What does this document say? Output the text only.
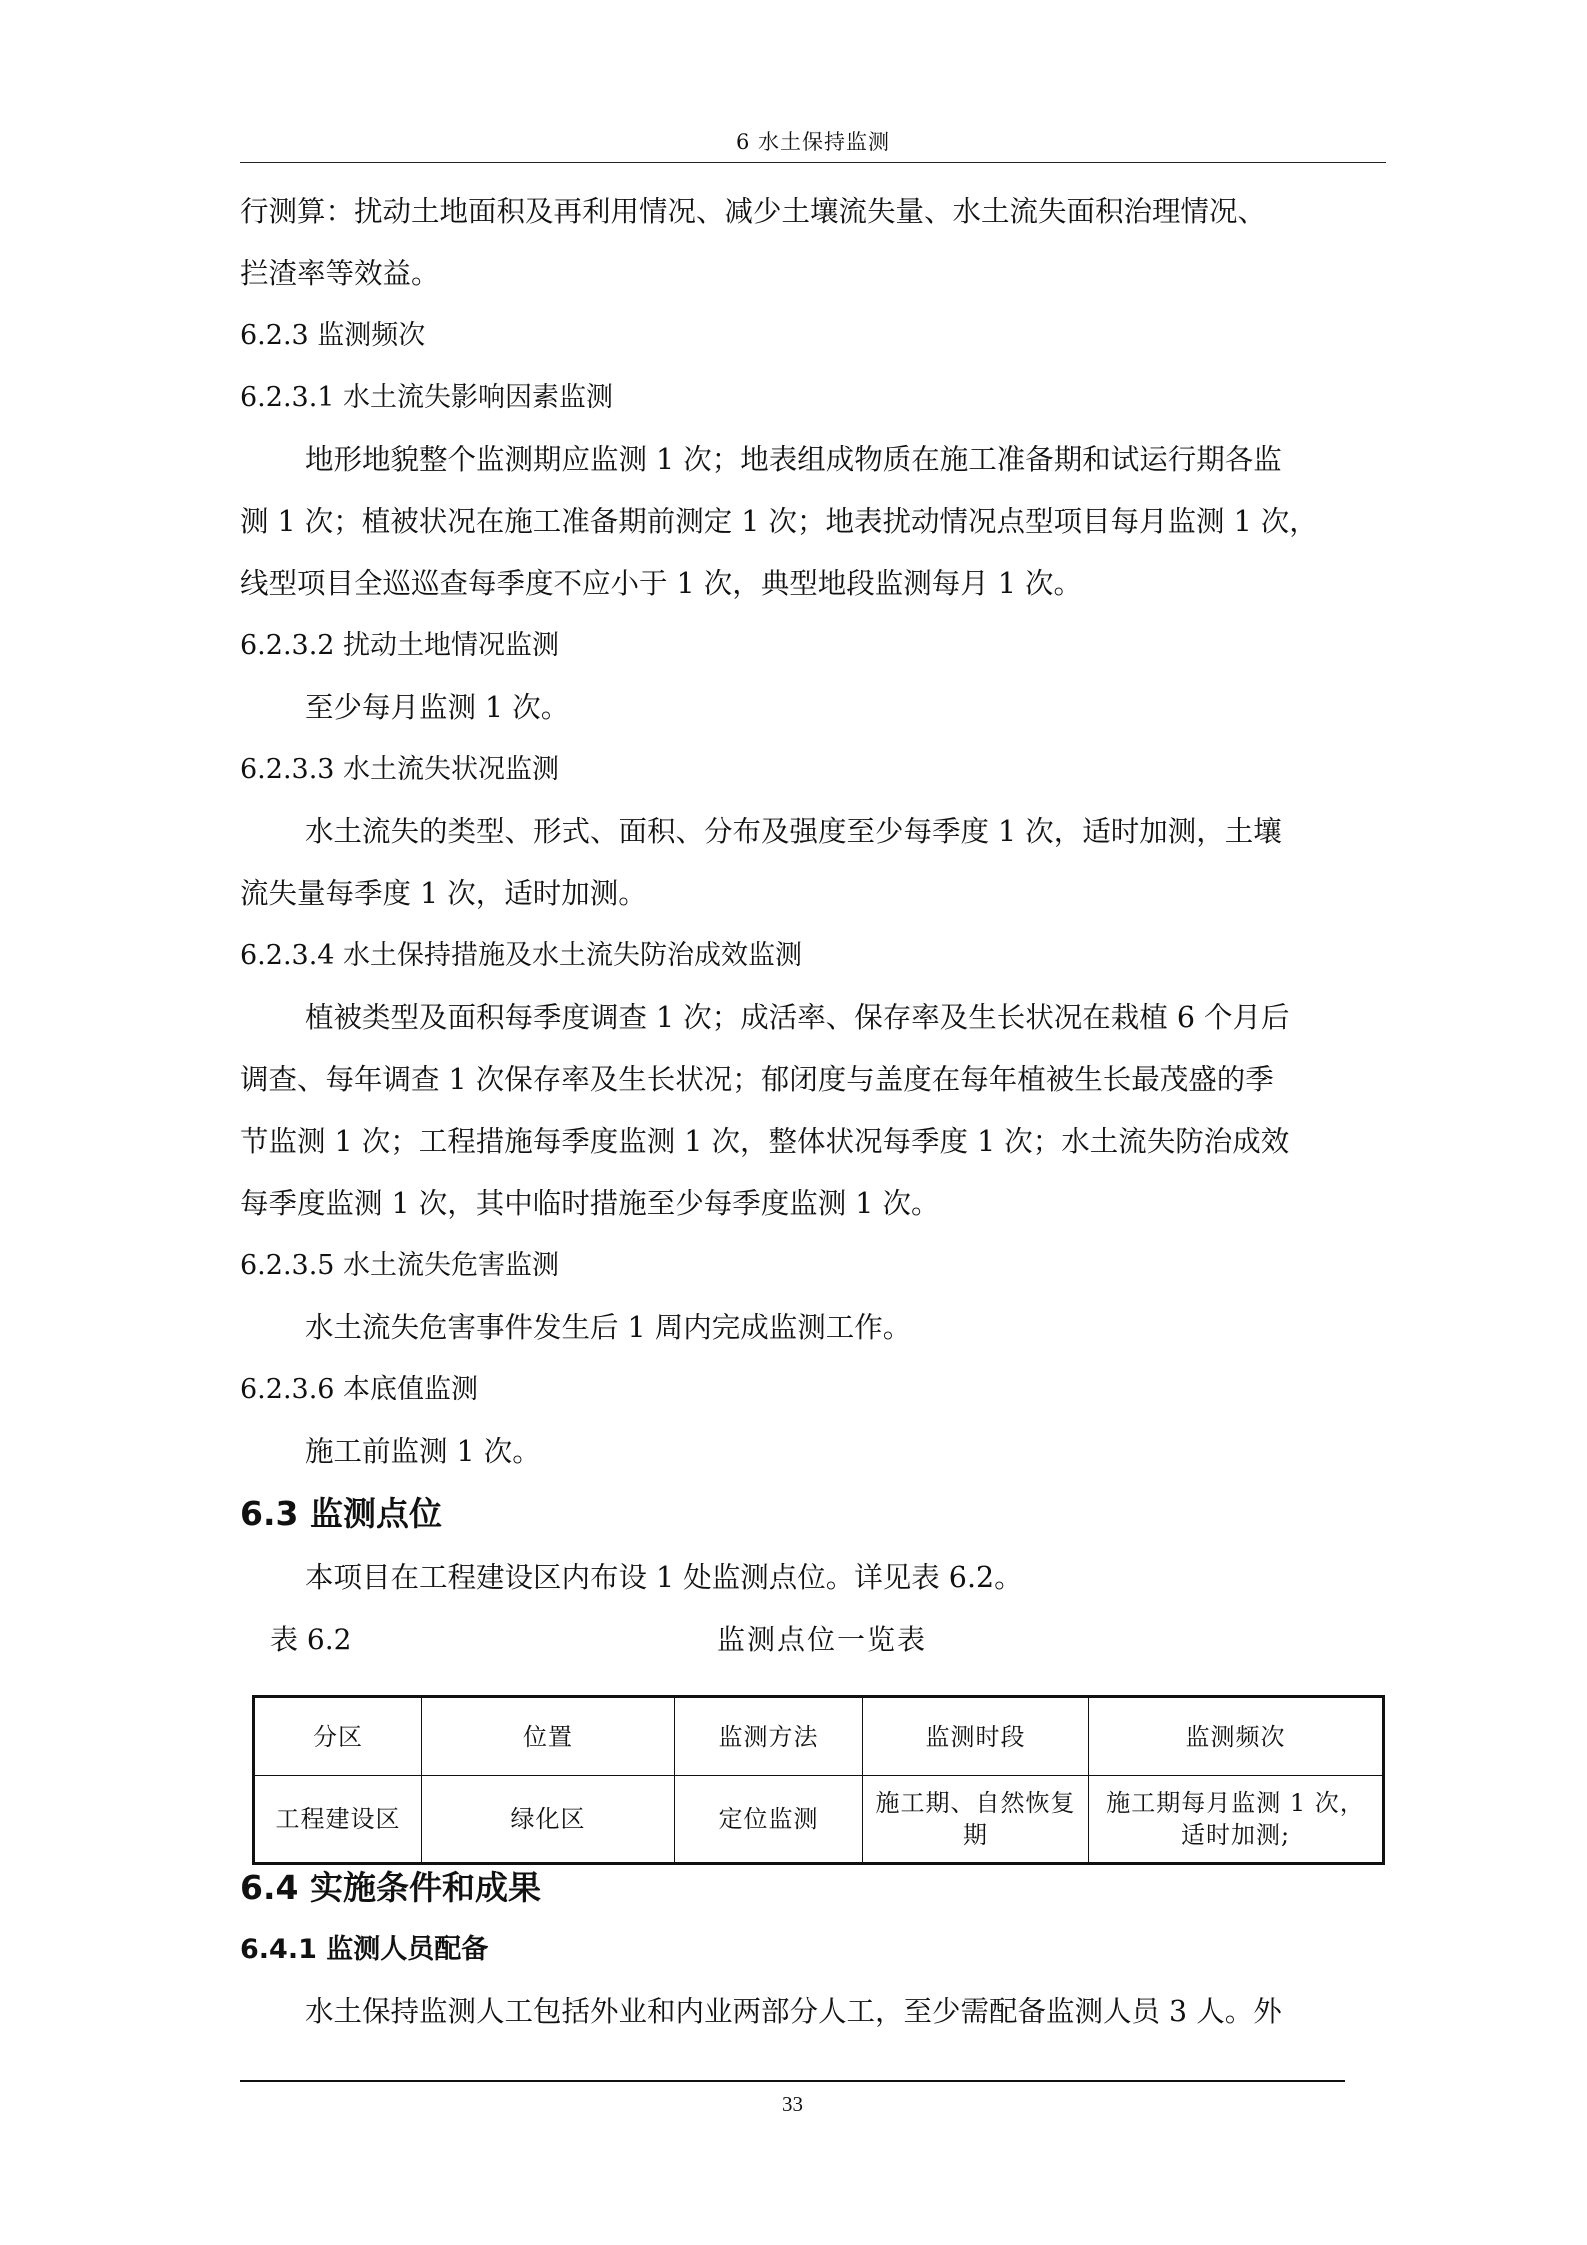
6 水土保持监测
行测算：扰动土地面积及再利用情况、减少土壤流失量、水土流失面积治理情况、
拦渣率等效益。
6.2.3 监测频次
6.2.3.1 水土流失影响因素监测
地形地貌整个监测期应监测 1 次；地表组成物质在施工准备期和试运行期各监
测 1 次；植被状况在施工准备期前测定 1 次；地表扰动情况点型项目每月监测 1 次，
线型项目全巡巡查每季度不应小于 1 次，典型地段监测每月 1 次。
6.2.3.2 扰动土地情况监测
至少每月监测 1 次。
6.2.3.3 水土流失状况监测
水土流失的类型、形式、面积、分布及强度至少每季度 1 次，适时加测，土壤
流失量每季度 1 次，适时加测。
6.2.3.4 水土保持措施及水土流失防治成效监测
植被类型及面积每季度调查 1 次；成活率、保存率及生长状况在栽植 6 个月后
调查、每年调查 1 次保存率及生长状况；郁闭度与盖度在每年植被生长最茂盛的季
节监测 1 次；工程措施每季度监测 1 次，整体状况每季度 1 次；水土流失防治成效
每季度监测 1 次，其中临时措施至少每季度监测 1 次。
6.2.3.5 水土流失危害监测
水土流失危害事件发生后 1 周内完成监测工作。
6.2.3.6 本底值监测
施工前监测 1 次。
6.3 监测点位
本项目在工程建设区内布设 1 处监测点位。详见表 6.2。
表 6.2	监测点位一览表
6.4 实施条件和成果
6.4.1 监测人员配备
水土保持监测人工包括外业和内业两部分人工，至少需配备监测人员 3 人。外
分区	位置	监测方法	监测时段	监测频次
工程建设区	绿化区	定位监测	施工期、自然恢复期	施工期每月监测 1 次，适时加测;
33
